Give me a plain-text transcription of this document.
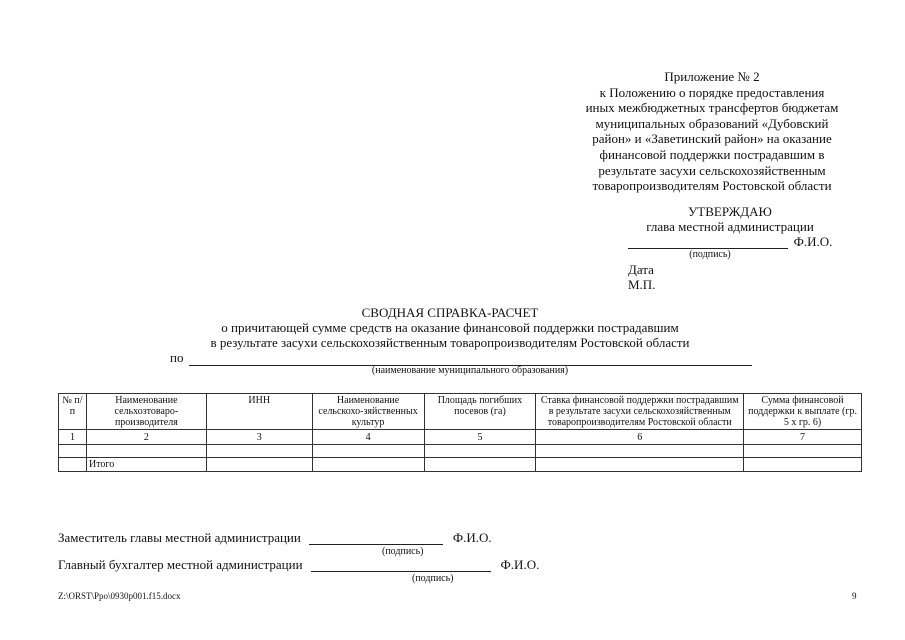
Приложение № 2
к Положению о порядке предоставления
иных межбюджетных трансфертов бюджетам
муниципальных образований «Дубовский
район» и «Заветинский район» на оказание
финансовой поддержки пострадавшим в
результате засухи сельскохозяйственным
товаропроизводителям Ростовской области
УТВЕРЖДАЮ
глава местной администрации
Ф.И.О.
(подпись)
Дата
М.П.
СВОДНАЯ СПРАВКА-РАСЧЕТ
о причитающей сумме средств на оказание финансовой поддержки пострадавшим
в результате засухи сельскохозяйственным товаропроизводителям Ростовской области
по
(наименование муниципального образования)
№ п/п	Наименование сельхозтоваро-производителя	ИНН	Наименование сельскохо-зяйственных культур	Площадь погибших посевов (га)	Ставка финансовой поддержки пострадавшим в результате засухи сельскохозяйственным товаропроизводителям Ростовской области	Сумма финансовой поддержки к выплате (гр. 5 х гр. 6)
1	2	3	4	5	6	7

	Итого					
Заместитель главы местной администрации	Ф.И.О.
(подпись)
Главный бухгалтер местной администрации	Ф.И.О.
(подпись)
Z:\ORST\Ppo\0930p001.f15.docx	9
